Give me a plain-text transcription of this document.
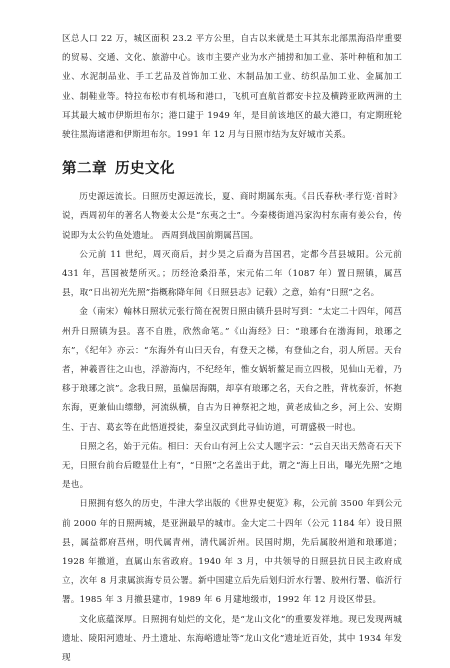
区总人口 22 万，城区面积 23.2 平方公里，自古以来就是土耳其东北部黑海沿岸重要的贸易、交通、文化、旅游中心。该市主要产业为水产捕捞和加工业、茶叶种植和加工业、水泥制品业、手工艺品及首饰加工业、木制品加工业、纺织品加工业、金属加工业、制鞋业等。特拉布松市有机场和港口，飞机可直航首都安卡拉及横跨亚欧两洲的土耳其最大城市伊斯坦布尔；港口建于 1949 年，是目前该地区的最大港口，有定期班轮驶往黑海诸港和伊斯坦布尔。1991 年 12 月与日照市结为友好城市关系。

第二章 历史文化

历史源远流长。日照历史源远流长，夏、商时期属东夷。《吕氏春秋·孝行览·首时》说，西周初年的著名人物姜太公是“东夷之士”。今秦楼街道冯家沟村东南有姜公台，传说即为太公钓鱼处遗址。 西周到战国前期属莒国。

公元前 11 世纪，周灭商后，封少昊之后裔为莒国君，定都今莒县城阳。公元前 431 年，莒国被楚所灭。；历经沧桑沿革，宋元佑二年（1087 年）置日照镇，属莒县，取“日出初光先照”指概称降年间《日照县志》记载）之意，始有“日照”之名。

金（南宋）翰林日照状元张行简在祝贺日照由镇升县时写到：“太定二十四年，闻莒州升日照镇为县。喜不自胜，欣然命笔。”《山海经》曰：“琅琊台在渤海间，琅琊之东”，《纪年》亦云：“东海外有山曰天台，有登天之梯，有登仙之台，羽人所居。天台者，神羲晋往之山也，浮游海内，不纪经年，惟女娲斩鳌足而立四极，见仙山无着，乃移于琅琊之滨”。念我日照，虽偏居海隅，却享有琅琊之名，天台之胜，背枕泰沂，怀抱东海，更兼仙山缥缈，河流纵横，自古为日神祭祀之地，黄老成仙之乡，河上公、安期生、于吉、葛玄等在此悟道授徒，秦皇汉武到此寻仙访道，可谓盛极一时也。

日照之名，始于元佑。相曰：天台山有河上公丈人题字云：“云自天出天然奇石天下无，日照台前台后瞪显仕上有”，“日照”之名盖出于此，谓之“海上日出，曝光先照”之地是也。

日照拥有悠久的历史，牛津大学出版的《世界史便览》称，公元前 3500 年到公元前 2000 年的日照两城，是亚洲最早的城市。金大定二十四年（公元 1184 年）设日照县，属益都府莒州，明代属青州，清代属沂州。民国时期，先后属胶州道和琅琊道；1928 年撤道，直属山东省政府。1940 年 3 月，中共领导的日照县抗日民主政府成立，次年 8 月隶属滨海专员公署。新中国建立后先后划归沂水行署、胶州行署、临沂行署。1985 年 3 月撤县建市，1989 年 6 月建地级市，1992 年 12 月设区带县。

文化底蕴深厚。日照拥有灿烂的文化，是“龙山文化”的重要发祥地。现已发现两城遗址、陵阳河遗址、丹土遗址、东海峪遗址等“龙山文化”遗址近百处，其中 1934 年发现
